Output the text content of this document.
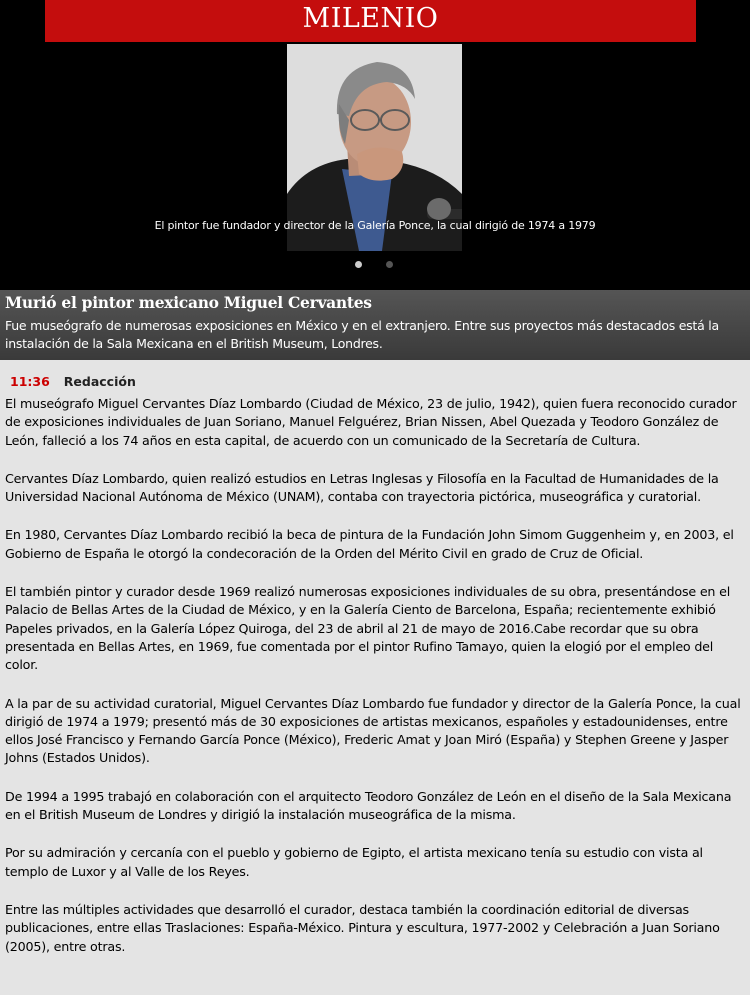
MILENIO
El pintor fue fundador y director de la Galería Ponce, la cual dirigió de 1974 a 1979
Murió el pintor mexicano Miguel Cervantes
Fue museógrafo de numerosas exposiciones en México y en el extranjero. Entre sus proyectos más destacados está la instalación de la Sala Mexicana en el British Museum, Londres.
11:36 Redacción

El museógrafo Miguel Cervantes Díaz Lombardo (Ciudad de México, 23 de julio, 1942), quien fuera reconocido curador de exposiciones individuales de Juan Soriano, Manuel Felguérez, Brian Nissen, Abel Quezada y Teodoro González de León, falleció a los 74 años en esta capital, de acuerdo con un comunicado de la Secretaría de Cultura.

Cervantes Díaz Lombardo, quien realizó estudios en Letras Inglesas y Filosofía en la Facultad de Humanidades de la Universidad Nacional Autónoma de México (UNAM), contaba con trayectoria pictórica, museográfica y curatorial.

En 1980, Cervantes Díaz Lombardo recibió la beca de pintura de la Fundación John Simom Guggenheim y, en 2003, el Gobierno de España le otorgó la condecoración de la Orden del Mérito Civil en grado de Cruz de Oficial.

El también pintor y curador desde 1969 realizó numerosas exposiciones individuales de su obra, presentándose en el Palacio de Bellas Artes de la Ciudad de México, y en la Galería Ciento de Barcelona, España; recientemente exhibió Papeles privados, en la Galería López Quiroga, del 23 de abril al 21 de mayo de 2016.Cabe recordar que su obra presentada en Bellas Artes, en 1969, fue comentada por el pintor Rufino Tamayo, quien la elogió por el empleo del color.

A la par de su actividad curatorial, Miguel Cervantes Díaz Lombardo fue fundador y director de la Galería Ponce, la cual dirigió de 1974 a 1979; presentó más de 30 exposiciones de artistas mexicanos, españoles y estadounidenses, entre ellos José Francisco y Fernando García Ponce (México), Frederic Amat y Joan Miró (España) y Stephen Greene y Jasper Johns (Estados Unidos).

De 1994 a 1995 trabajó en colaboración con el arquitecto Teodoro González de León en el diseño de la Sala Mexicana en el British Museum de Londres y dirigió la instalación museográfica de la misma.

Por su admiración y cercanía con el pueblo y gobierno de Egipto, el artista mexicano tenía su estudio con vista al templo de Luxor y al Valle de los Reyes.

Entre las múltiples actividades que desarrolló el curador, destaca también la coordinación editorial de diversas publicaciones, entre ellas Traslaciones: España-México. Pintura y escultura, 1977-2002 y Celebración a Juan Soriano (2005), entre otras.
